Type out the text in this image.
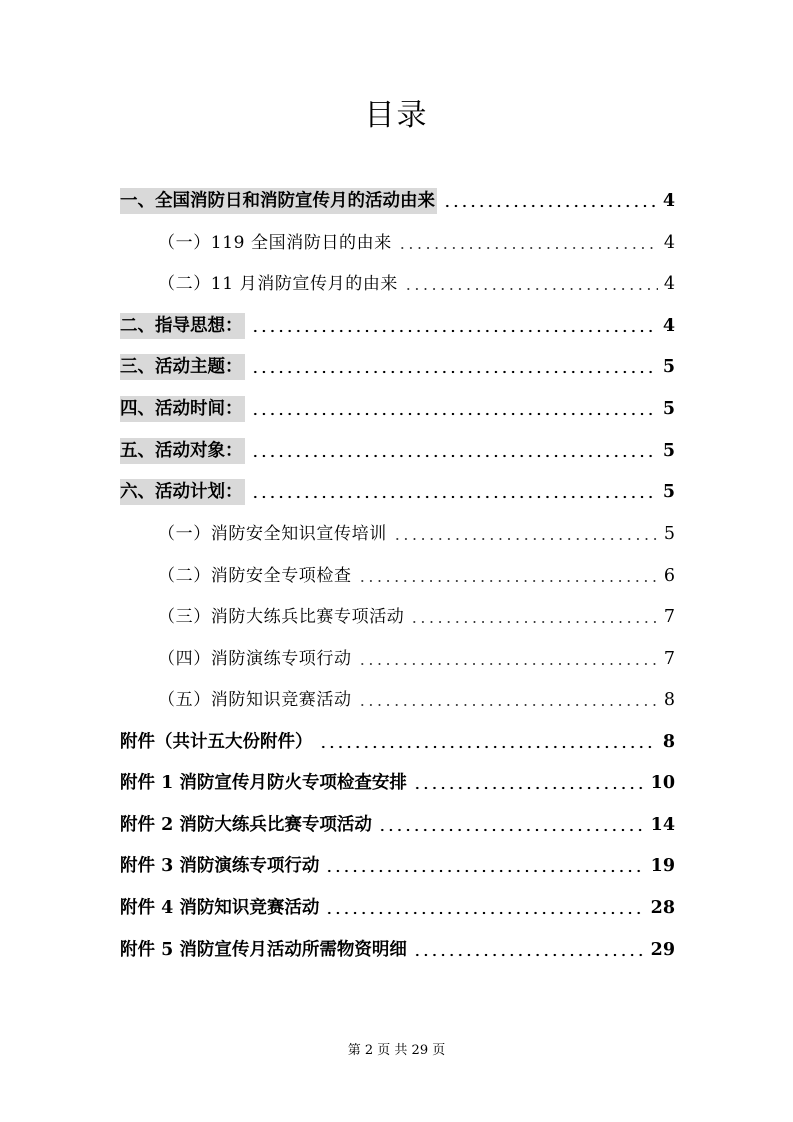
目录
一、全国消防日和消防宣传月的活动由来	4
（一）119 全国消防日的由来	4
（二）11 月消防宣传月的由来	4
二、指导思想：	4
三、活动主题：	5
四、活动时间：	5
五、活动对象：	5
六、活动计划：	5
（一）消防安全知识宣传培训	5
（二）消防安全专项检查	6
（三）消防大练兵比赛专项活动	7
（四）消防演练专项行动	7
（五）消防知识竞赛活动	8
附件（共计五大份附件）	8
附件 1 消防宣传月防火专项检查安排	10
附件 2 消防大练兵比赛专项活动	14
附件 3 消防演练专项行动	19
附件 4 消防知识竞赛活动	28
附件 5 消防宣传月活动所需物资明细	29
第 2 页 共 29 页
